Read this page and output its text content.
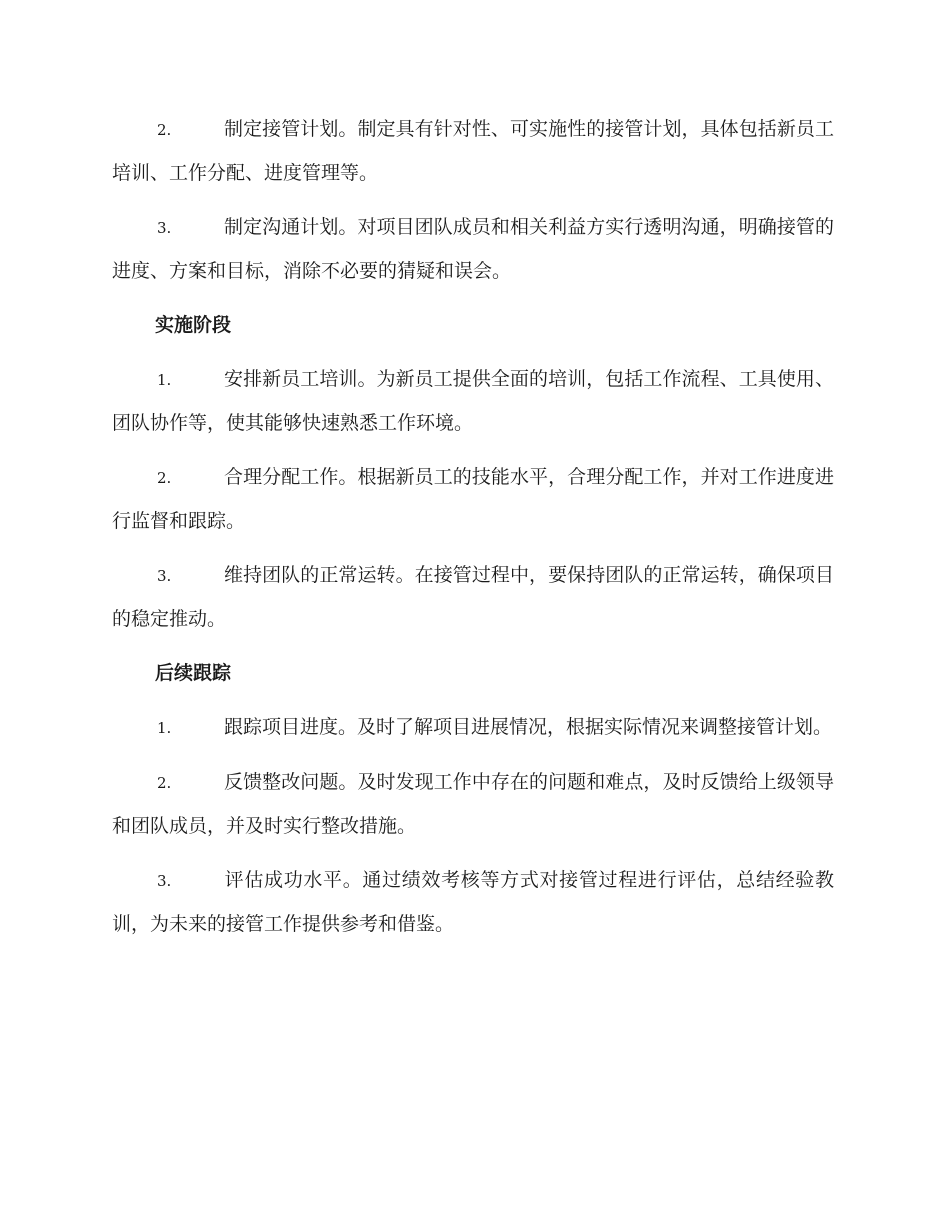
2.	制定接管计划。制定具有针对性、可实施性的接管计划，具体包括新员工培训、工作分配、进度管理等。
3.	制定沟通计划。对项目团队成员和相关利益方实行透明沟通，明确接管的进度、方案和目标，消除不必要的猜疑和误会。
实施阶段
1.	安排新员工培训。为新员工提供全面的培训，包括工作流程、工具使用、团队协作等，使其能够快速熟悉工作环境。
2.	合理分配工作。根据新员工的技能水平，合理分配工作，并对工作进度进行监督和跟踪。
3.	维持团队的正常运转。在接管过程中，要保持团队的正常运转，确保项目的稳定推动。
后续跟踪
1.	跟踪项目进度。及时了解项目进展情况，根据实际情况来调整接管计划。
2.	反馈整改问题。及时发现工作中存在的问题和难点，及时反馈给上级领导和团队成员，并及时实行整改措施。
3.	评估成功水平。通过绩效考核等方式对接管过程进行评估，总结经验教训，为未来的接管工作提供参考和借鉴。
